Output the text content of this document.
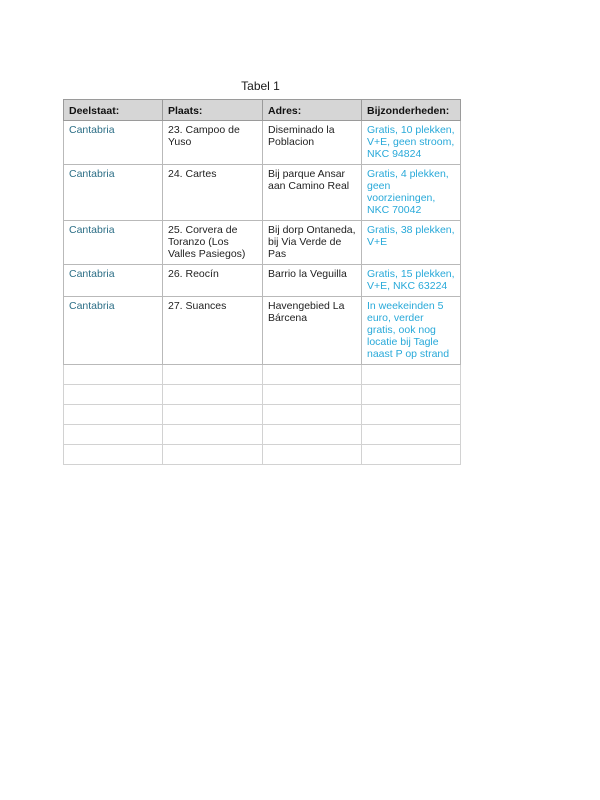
Tabel 1
Deelstaat:	Plaats:	Adres:	Bijzonderheden:
Cantabria	23. Campoo de Yuso	Diseminado la Poblacion	Gratis, 10 plekken, V+E, geen stroom, NKC 94824
Cantabria	24. Cartes	Bij parque Ansar aan Camino Real	Gratis, 4 plekken, geen voorzieningen, NKC 70042
Cantabria	25. Corvera de Toranzo (Los Valles Pasiegos)	Bij dorp Ontaneda, bij Via Verde de Pas	Gratis, 38 plekken, V+E
Cantabria	26. Reocín	Barrio la Veguilla	Gratis, 15 plekken, V+E, NKC 63224
Cantabria	27. Suances	Havengebied La Bárcena	In weekeinden 5 euro, verder gratis, ook nog locatie bij Tagle naast P op strand
